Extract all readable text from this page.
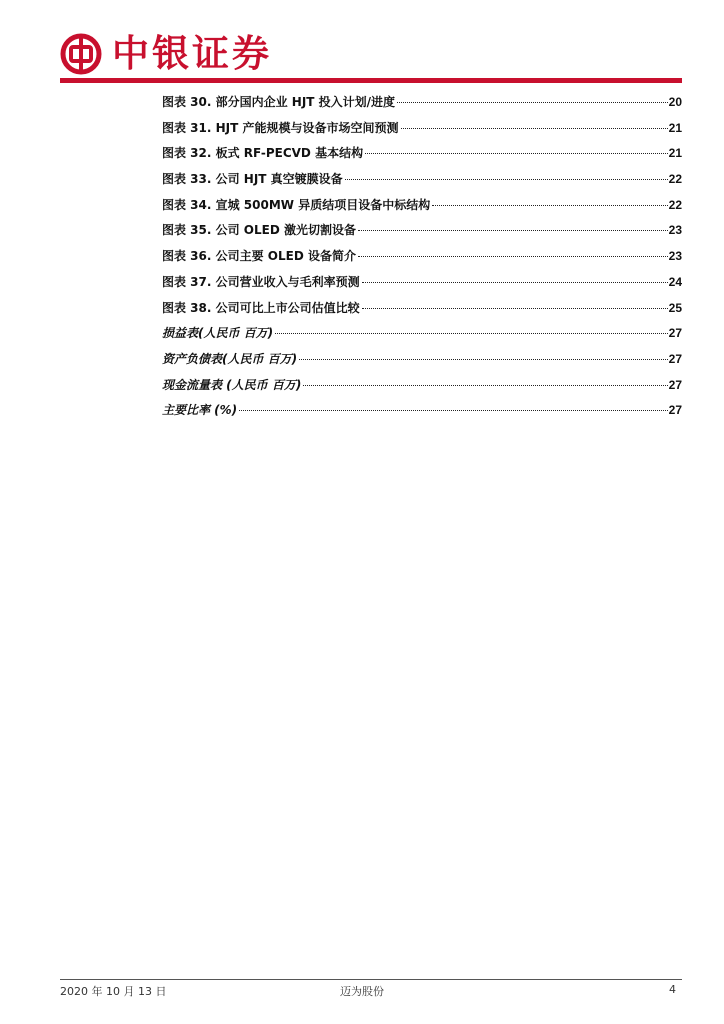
中银证券
图表 30. 部分国内企业 HJT 投入计划/进度	20
图表 31. HJT 产能规模与设备市场空间预测	21
图表 32. 板式 RF-PECVD 基本结构	21
图表 33. 公司 HJT 真空镀膜设备	22
图表 34. 宣城 500MW 异质结项目设备中标结构	22
图表 35. 公司 OLED 激光切割设备	23
图表 36. 公司主要 OLED 设备简介	23
图表 37. 公司营业收入与毛利率预测	24
图表 38. 公司可比上市公司估值比较	25
损益表(人民币 百万)	27
资产负债表(人民币 百万)	27
现金流量表 (人民币 百万)	27
主要比率 (%)	27
2020 年 10 月 13 日	迈为股份	4
